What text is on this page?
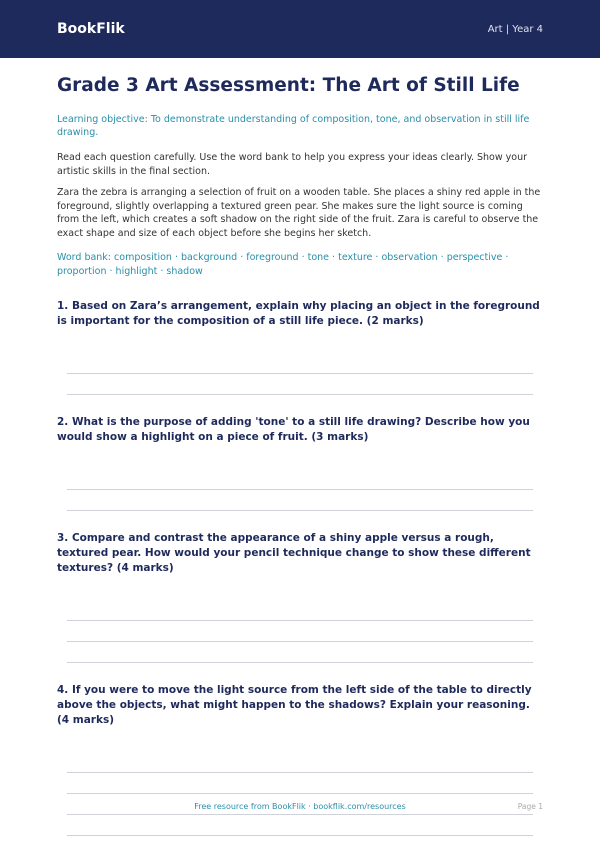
BookFlik	Art | Year 4
Grade 3 Art Assessment: The Art of Still Life

Learning objective: To demonstrate understanding of composition, tone, and observation in still life drawing.

Read each question carefully. Use the word bank to help you express your ideas clearly. Show your artistic skills in the final section.

Zara the zebra is arranging a selection of fruit on a wooden table. She places a shiny red apple in the foreground, slightly overlapping a textured green pear. She makes sure the light source is coming from the left, which creates a soft shadow on the right side of the fruit. Zara is careful to observe the exact shape and size of each object before she begins her sketch.

Word bank: composition · background · foreground · tone · texture · observation · perspective · proportion · highlight · shadow

1. Based on Zara’s arrangement, explain why placing an object in the foreground is important for the composition of a still life piece. (2 marks)

2. What is the purpose of adding 'tone' to a still life drawing? Describe how you would show a highlight on a piece of fruit. (3 marks)

3. Compare and contrast the appearance of a shiny apple versus a rough, textured pear. How would your pencil technique change to show these different textures? (4 marks)

4. If you were to move the light source from the left side of the table to directly above the objects, what might happen to the shadows? Explain your reasoning. (4 marks)

Free resource from BookFlik · bookflik.com/resources	Page 1
